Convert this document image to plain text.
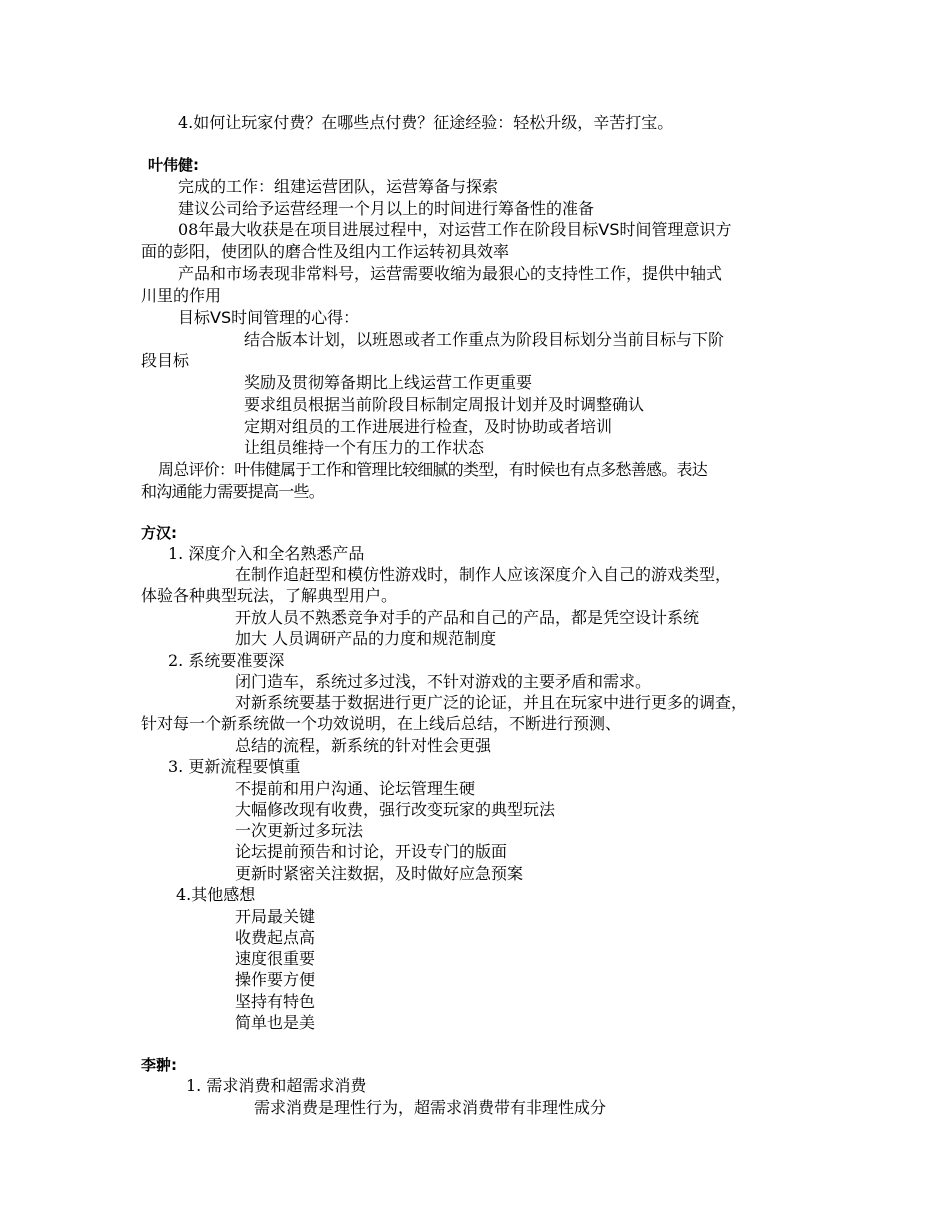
4.如何让玩家付费？在哪些点付费？征途经验：轻松升级，辛苦打宝。
叶伟健:
完成的工作：组建运营团队，运营筹备与探索
建议公司给予运营经理一个月以上的时间进行筹备性的准备
08年最大收获是在项目进展过程中，对运营工作在阶段目标VS时间管理意识方
面的彭阳，使团队的磨合性及组内工作运转初具效率
产品和市场表现非常料号，运营需要收缩为最狠心的支持性工作，提供中轴式
川里的作用
目标VS时间管理的心得：
结合版本计划，以班恩或者工作重点为阶段目标划分当前目标与下阶
段目标
奖励及贯彻筹备期比上线运营工作更重要
要求组员根据当前阶段目标制定周报计划并及时调整确认
定期对组员的工作进展进行检查，及时协助或者培训
让组员维持一个有压力的工作状态
周总评价：叶伟健属于工作和管理比较细腻的类型，有时候也有点多愁善感。表达
和沟通能力需要提高一些。
方汉:
1. 深度介入和全名熟悉产品
在制作追赶型和模仿性游戏时，制作人应该深度介入自己的游戏类型，
体验各种典型玩法，了解典型用户。
开放人员不熟悉竞争对手的产品和自己的产品，都是凭空设计系统
加大 人员调研产品的力度和规范制度
2. 系统要准要深
闭门造车，系统过多过浅，不针对游戏的主要矛盾和需求。
对新系统要基于数据进行更广泛的论证，并且在玩家中进行更多的调查，
针对每一个新系统做一个功效说明，在上线后总结，不断进行预测、
总结的流程，新系统的针对性会更强
3. 更新流程要慎重
不提前和用户沟通、论坛管理生硬
大幅修改现有收费，强行改变玩家的典型玩法
一次更新过多玩法
论坛提前预告和讨论，开设专门的版面
更新时紧密关注数据，及时做好应急预案
4.其他感想
开局最关键
收费起点高
速度很重要
操作要方便
坚持有特色
简单也是美
李翀:
1. 需求消费和超需求消费
需求消费是理性行为，超需求消费带有非理性成分
